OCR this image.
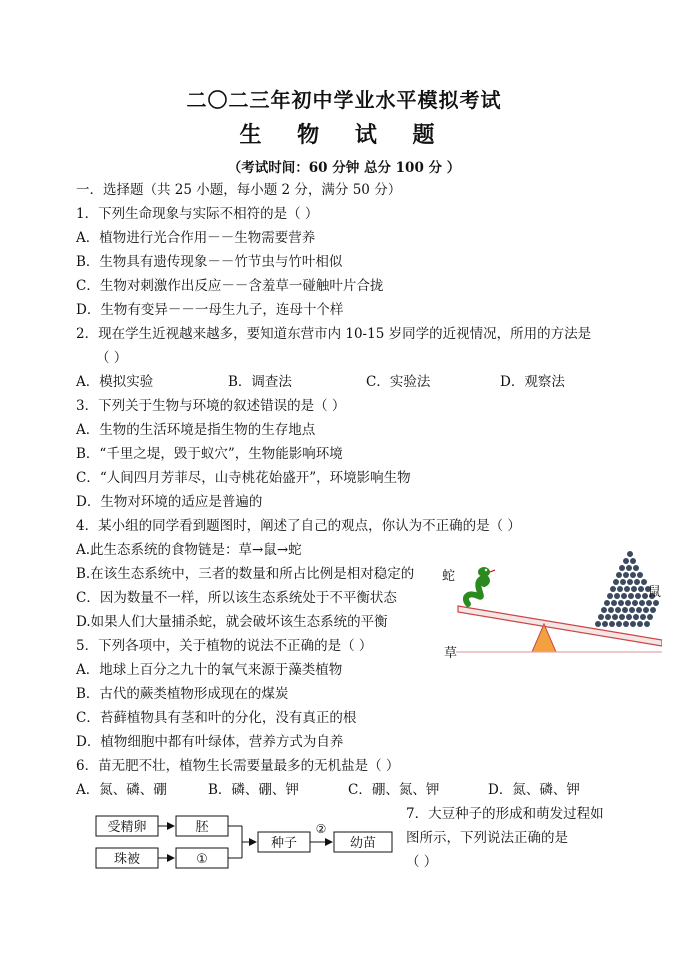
二〇二三年初中学业水平模拟考试
生 物 试 题
（考试时间：60 分钟 总分 100 分 ）
一．选择题（共 25 小题，每小题 2 分，满分 50 分）
1．下列生命现象与实际不相符的是（ ）
A．植物进行光合作用－－生物需要营养
B．生物具有遗传现象－－竹节虫与竹叶相似
C．生物对刺激作出反应－－含羞草一碰触叶片合拢
D．生物有变异－－一母生九子，连母十个样
2．现在学生近视越来越多，要知道东营市内 10-15 岁同学的近视情况，所用的方法是
（ ）
A．模拟实验	B．调查法	C．实验法	D．观察法
3．下列关于生物与环境的叙述错误的是（ ）
A．生物的生活环境是指生物的生存地点
B．“千里之堤，毁于蚁穴”，生物能影响环境
C．“人间四月芳菲尽，山寺桃花始盛开”，环境影响生物
D．生物对环境的适应是普遍的
4．某小组的同学看到题图时，阐述了自己的观点，你认为不正确的是（ ）
A.此生态系统的食物链是：草→鼠→蛇
B.在该生态系统中，三者的数量和所占比例是相对稳定的
C．因为数量不一样，所以该生态系统处于不平衡状态
D.如果人们大量捕杀蛇，就会破坏该生态系统的平衡
蛇
鼠
草
5．下列各项中，关于植物的说法不正确的是（ ）
A．地球上百分之九十的氧气来源于藻类植物
B．古代的蕨类植物形成现在的煤炭
C．苔藓植物具有茎和叶的分化，没有真正的根
D．植物细胞中都有叶绿体，营养方式为自养
6．苗无肥不壮，植物生长需要量最多的无机盐是（ ）
A．氮、磷、硼	B．磷、硼、钾	C．硼、氮、钾	D．氮、磷、钾
7．大豆种子的形成和萌发过程如
图所示，下列说法正确的是
（ ）
受精卵
珠被
胚
①
种子
②
幼苗
